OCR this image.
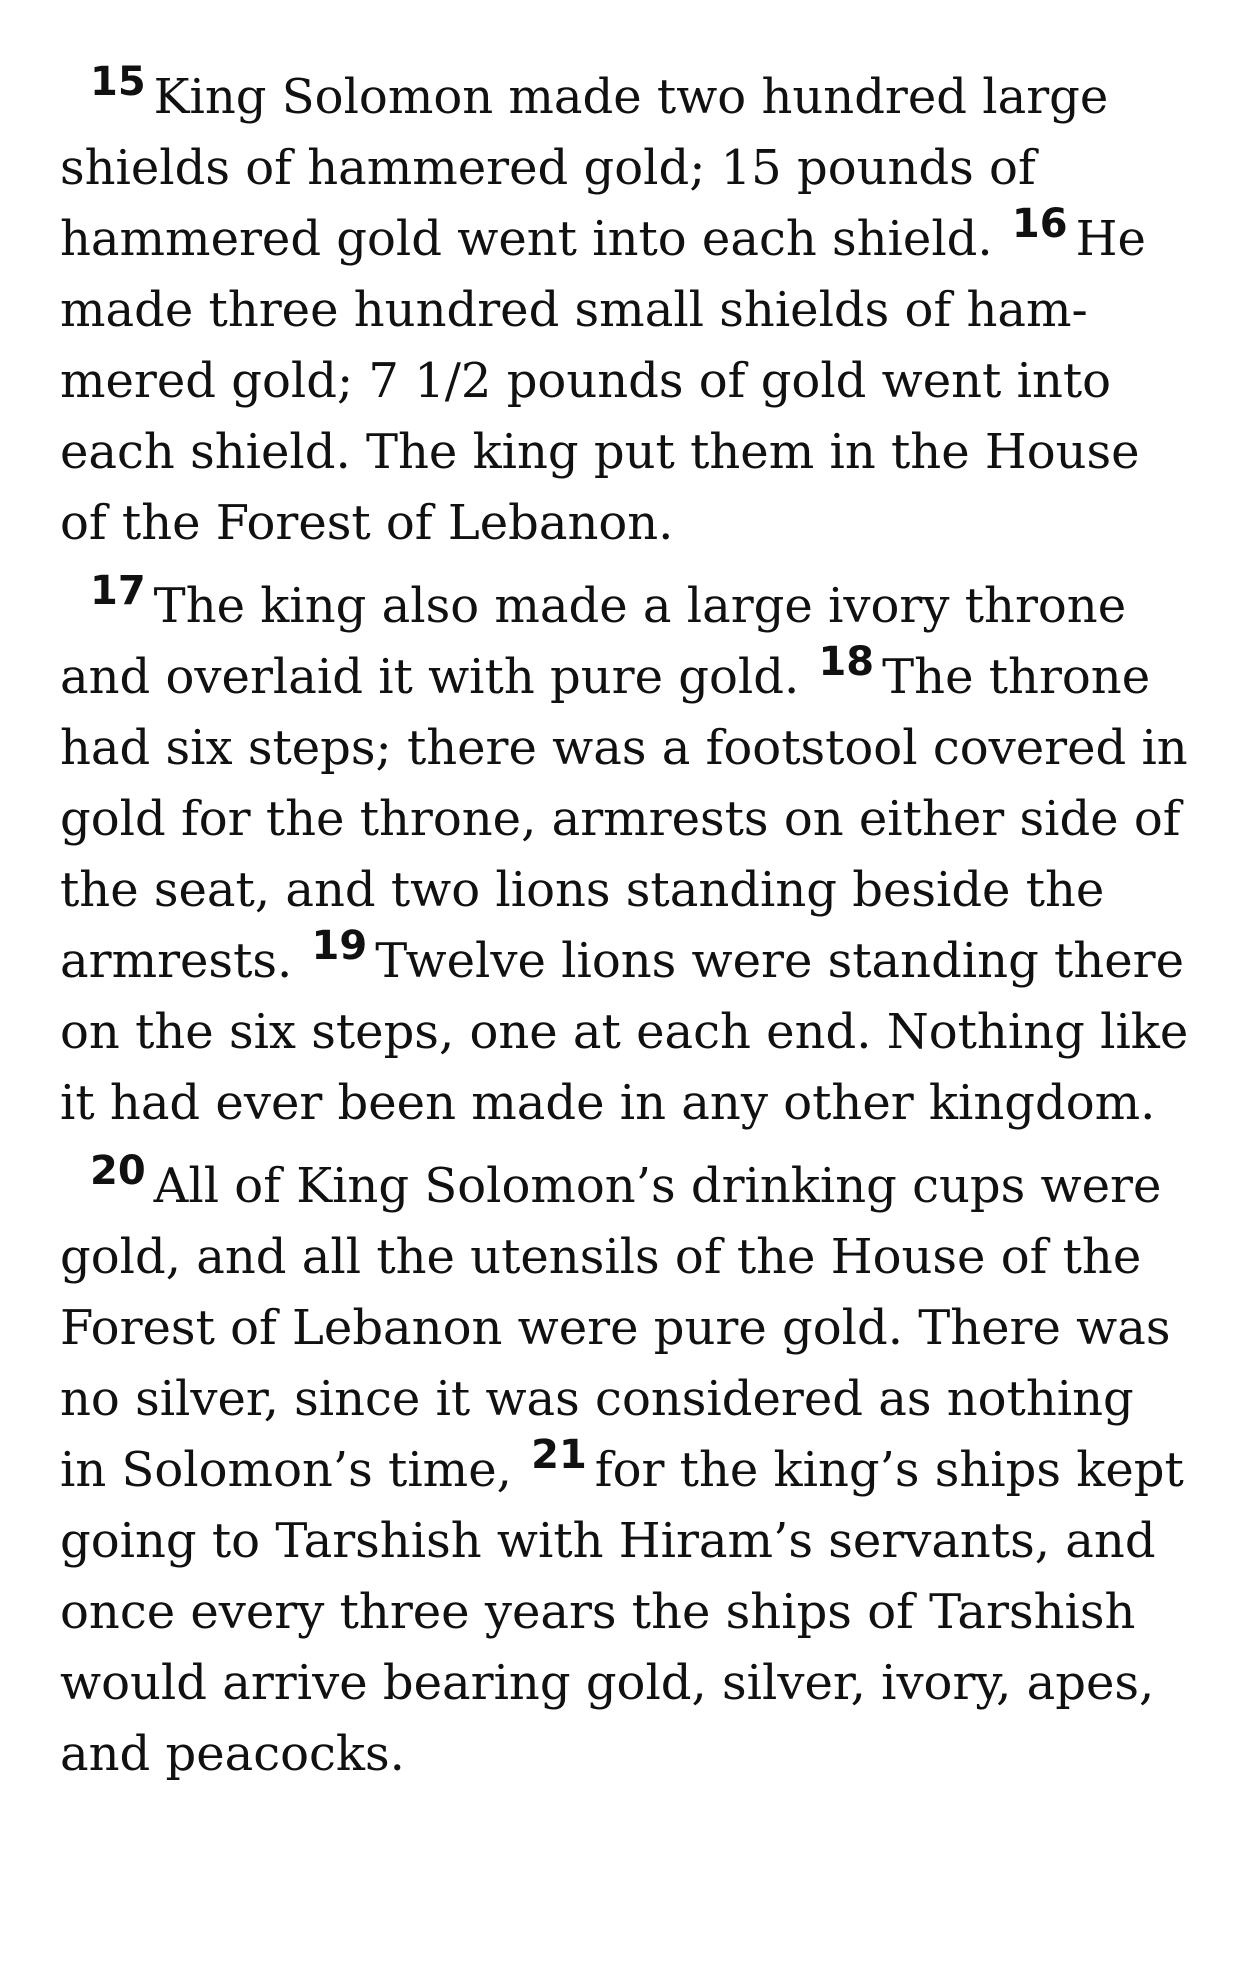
$^{15}$ King Solomon made two hundred large shields of hammered gold; 15 pounds of hammered gold went into each shield. $^{16}$ He made three hundred small shields of ham- mered gold; 7 1/2 pounds of gold went into each shield. The king put them in the House of the Forest of Lebanon.

$^{17}$ The king also made a large ivory throne and overlaid it with pure gold. $^{18}$ The throne had six steps; there was a footstool covered in gold for the throne, armrests on either side of the seat, and two lions standing beside the armrests. $^{19}$ Twelve lions were standing there on the six steps, one at each end. Nothing like it had ever been made in any other kingdom.

$^{20}$ All of King Solomon’s drinking cups were gold, and all the utensils of the House of the Forest of Lebanon were pure gold. There was no silver, since it was considered as nothing in Solomon’s time, $^{21}$ for the king’s ships kept going to Tarshish with Hiram’s servants, and once every three years the ships of Tarshish would arrive bearing gold, silver, ivory, apes, and peacocks.
